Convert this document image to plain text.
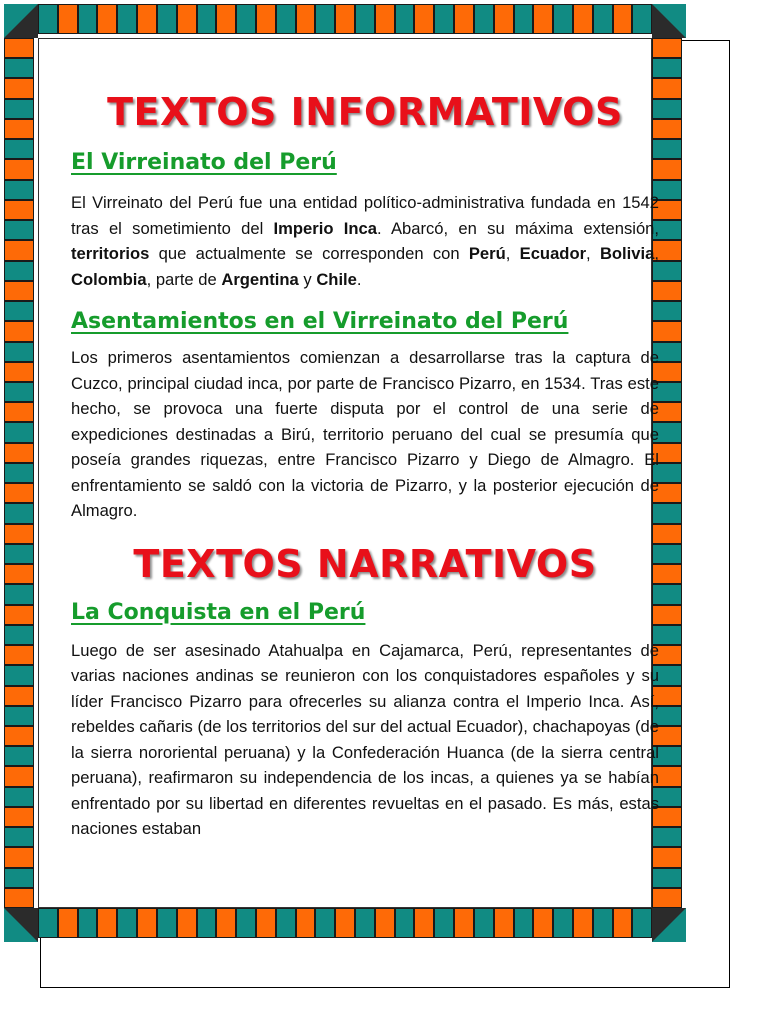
TEXTOS INFORMATIVOS
El Virreinato del Perú

El Virreinato del Perú fue una entidad político-administrativa fundada en 1542 tras el sometimiento del Imperio Inca. Abarcó, en su máxima extensión, territorios que actualmente se corresponden con Perú, Ecuador, Bolivia, Colombia, parte de Argentina y Chile.

Asentamientos en el Virreinato del Perú

Los primeros asentamientos comienzan a desarrollarse tras la captura de Cuzco, principal ciudad inca, por parte de Francisco Pizarro, en 1534. Tras este hecho, se provoca una fuerte disputa por el control de una serie de expediciones destinadas a Birú, territorio peruano del cual se presumía que poseía grandes riquezas, entre Francisco Pizarro y Diego de Almagro. El enfrentamiento se saldó con la victoria de Pizarro, y la posterior ejecución de Almagro.

TEXTOS NARRATIVOS
La Conquista en el Perú

Luego de ser asesinado Atahualpa en Cajamarca, Perú, representantes de varias naciones andinas se reunieron con los conquistadores españoles y su líder Francisco Pizarro para ofrecerles su alianza contra el Imperio Inca. Así, rebeldes cañaris (de los territorios del sur del actual Ecuador), chachapoyas (de la sierra nororiental peruana) y la Confederación Huanca (de la sierra central peruana), reafirmaron su independencia de los incas, a quienes ya se habían enfrentado por su libertad en diferentes revueltas en el pasado. Es más, estas naciones estaban
